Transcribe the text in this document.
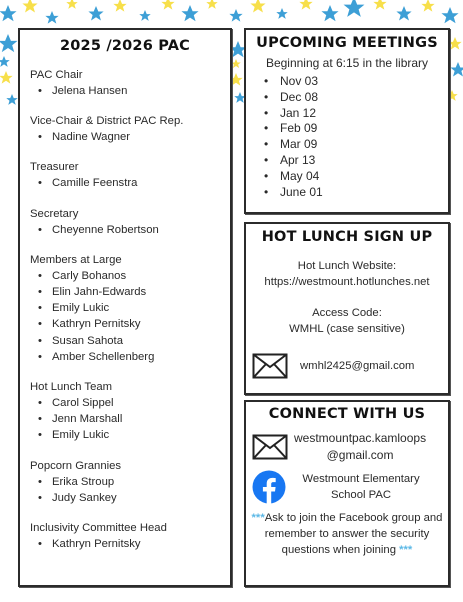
2025 /2026 PAC
PAC Chair
• Jelena Hansen
Vice-Chair & District PAC Rep.
• Nadine Wagner
Treasurer
• Camille Feenstra
Secretary
• Cheyenne Robertson
Members at Large
• Carly Bohanos
• Elin Jahn-Edwards
• Emily Lukic
• Kathryn Pernitsky
• Susan Sahota
• Amber Schellenberg
Hot Lunch Team
• Carol Sippel
• Jenn Marshall
• Emily Lukic
Popcorn Grannies
• Erika Stroup
• Judy Sankey
Inclusivity Committee Head
• Kathryn Pernitsky
UPCOMING MEETINGS
Beginning at 6:15 in the library
• Nov 03
• Dec 08
• Jan 12
• Feb 09
• Mar 09
• Apr 13
• May 04
• June 01
HOT LUNCH SIGN UP
Hot Lunch Website:
https://westmount.hotlunches.net
Access Code:
WMHL (case sensitive)
wmhl2425@gmail.com
CONNECT WITH US
westmountpac.kamloops
@gmail.com
Westmount Elementary School PAC
***Ask to join the Facebook group and remember to answer the security questions when joining ***
